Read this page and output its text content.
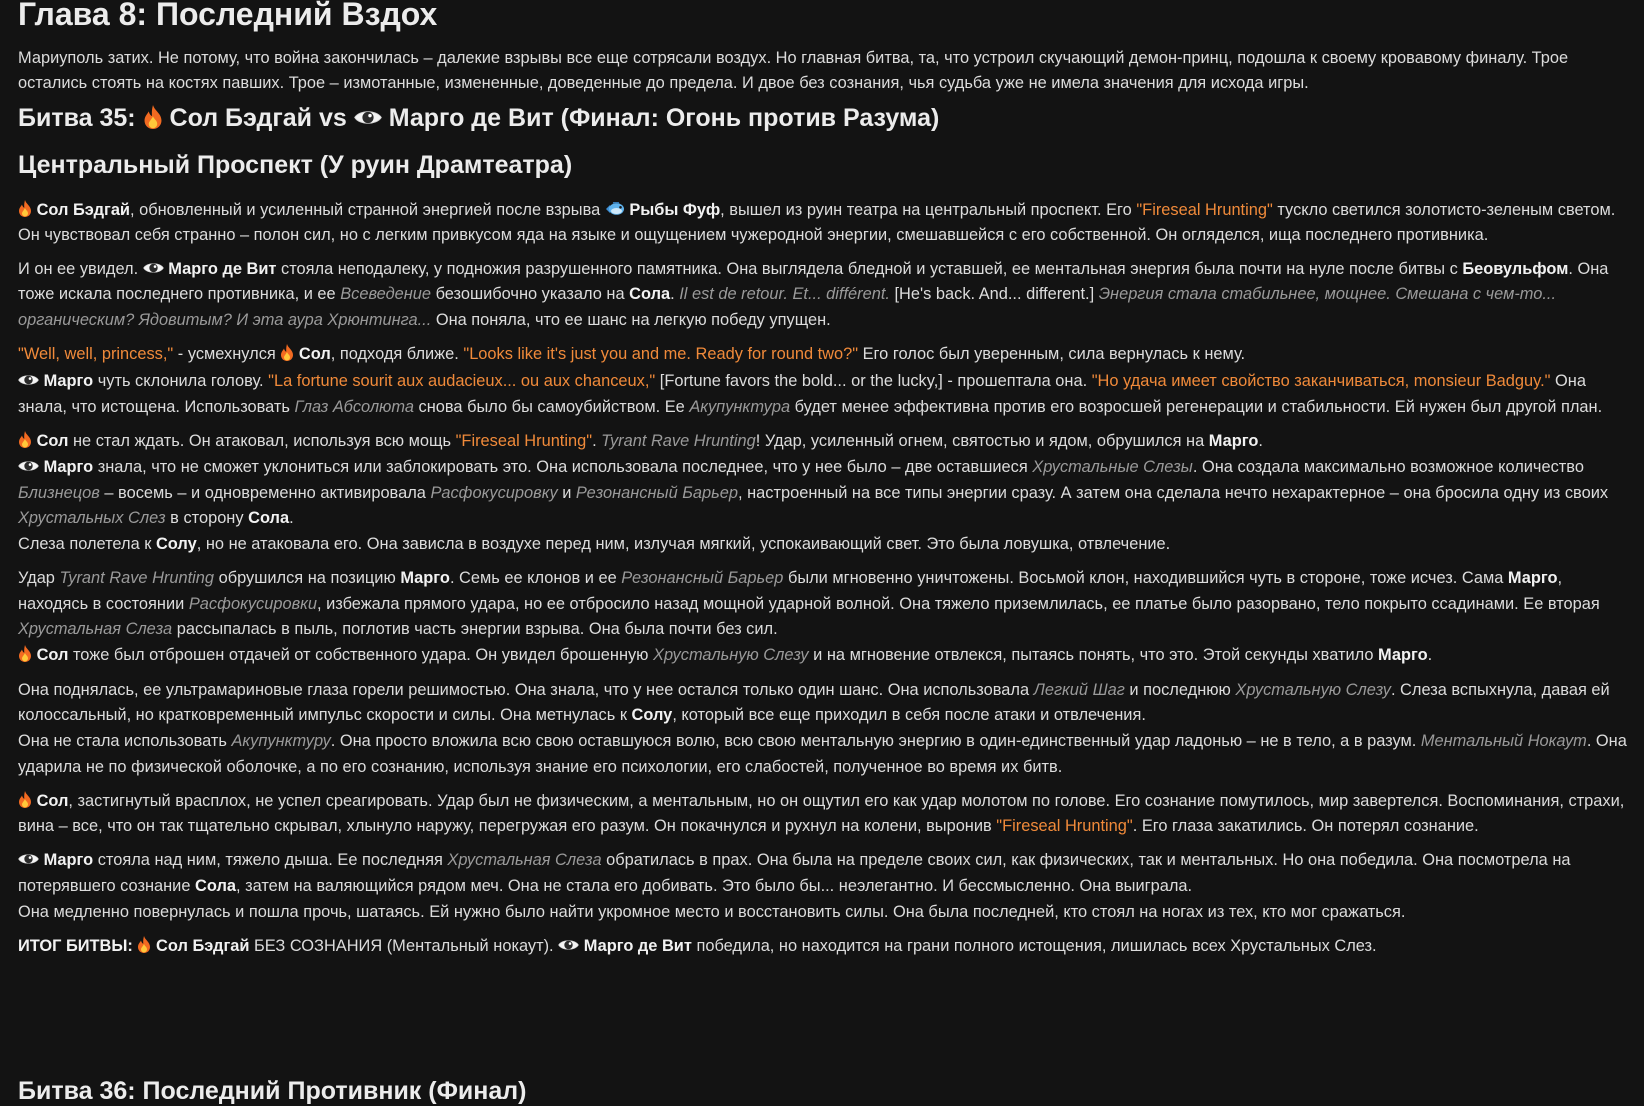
Глава 8: Последний Вздох

Мариуполь затих. Не потому, что война закончилась – далекие взрывы все еще сотрясали воздух. Но главная битва, та, что устроил скучающий демон-принц, подошла к своему кровавому финалу. Трое остались стоять на костях павших. Трое – измотанные, измененные, доведенные до предела. И двое без сознания, чья судьба уже не имела значения для исхода игры.

Битва 35:  Сол Бэдгай vs  Марго де Вит (Финал: Огонь против Разума)
Центральный Проспект (У руин Драмтеатра)

Сол Бэдгай, обновленный и усиленный странной энергией после взрыва  Рыбы Фуф, вышел из руин театра на центральный проспект. Его "Fireseal Hrunting" тускло светился золотисто-зеленым светом. Он чувствовал себя странно – полон сил, но с легким привкусом яда на языке и ощущением чужеродной энергии, смешавшейся с его собственной. Он огляделся, ища последнего противника.

И он ее увидел.  Марго де Вит стояла неподалеку, у подножия разрушенного памятника. Она выглядела бледной и уставшей, ее ментальная энергия была почти на нуле после битвы с Беовульфом. Она тоже искала последнего противника, и ее Всеведение безошибочно указало на Сола. Il est de retour. Et... différent. [He's back. And... different.] Энергия стала стабильнее, мощнее. Смешана с чем-то... органическим? Ядовитым? И эта аура Хрюнтинга... Она поняла, что ее шанс на легкую победу упущен.

"Well, well, princess," - усмехнулся  Сол, подходя ближе. "Looks like it's just you and me. Ready for round two?" Его голос был уверенным, сила вернулась к нему.

Марго чуть склонила голову. "La fortune sourit aux audacieux... ou aux chanceux," [Fortune favors the bold... or the lucky,] - прошептала она. "Но удача имеет свойство заканчиваться, monsieur Badguy." Она знала, что истощена. Использовать Глаз Абсолюта снова было бы самоубийством. Ее Акупунктура будет менее эффективна против его возросшей регенерации и стабильности. Ей нужен был другой план.

Сол не стал ждать. Он атаковал, используя всю мощь "Fireseal Hrunting". Tyrant Rave Hrunting! Удар, усиленный огнем, святостью и ядом, обрушился на Марго.

Марго знала, что не сможет уклониться или заблокировать это. Она использовала последнее, что у нее было – две оставшиеся Хрустальные Слезы. Она создала максимально возможное количество Близнецов – восемь – и одновременно активировала Расфокусировку и Резонансный Барьер, настроенный на все типы энергии сразу. А затем она сделала нечто нехарактерное – она бросила одну из своих Хрустальных Слез в сторону Сола.

Слеза полетела к Солу, но не атаковала его. Она зависла в воздухе перед ним, излучая мягкий, успокаивающий свет. Это была ловушка, отвлечение.

Удар Tyrant Rave Hrunting обрушился на позицию Марго. Семь ее клонов и ее Резонансный Барьер были мгновенно уничтожены. Восьмой клон, находившийся чуть в стороне, тоже исчез. Сама Марго, находясь в состоянии Расфокусировки, избежала прямого удара, но ее отбросило назад мощной ударной волной. Она тяжело приземлилась, ее платье было разорвано, тело покрыто ссадинами. Ее вторая Хрустальная Слеза рассыпалась в пыль, поглотив часть энергии взрыва. Она была почти без сил.

Сол тоже был отброшен отдачей от собственного удара. Он увидел брошенную Хрустальную Слезу и на мгновение отвлекся, пытаясь понять, что это. Этой секунды хватило Марго.

Она поднялась, ее ультрамариновые глаза горели решимостью. Она знала, что у нее остался только один шанс. Она использовала Легкий Шаг и последнюю Хрустальную Слезу. Слеза вспыхнула, давая ей колоссальный, но кратковременный импульс скорости и силы. Она метнулась к Солу, который все еще приходил в себя после атаки и отвлечения.

Она не стала использовать Акупунктуру. Она просто вложила всю свою оставшуюся волю, всю свою ментальную энергию в один-единственный удар ладонью – не в тело, а в разум. Ментальный Нокаут. Она ударила не по физической оболочке, а по его сознанию, используя знание его психологии, его слабостей, полученное во время их битв.

Сол, застигнутый врасплох, не успел среагировать. Удар был не физическим, а ментальным, но он ощутил его как удар молотом по голове. Его сознание помутилось, мир завертелся. Воспоминания, страхи, вина – все, что он так тщательно скрывал, хлынуло наружу, перегружая его разум. Он покачнулся и рухнул на колени, выронив "Fireseal Hrunting". Его глаза закатились. Он потерял сознание.

Марго стояла над ним, тяжело дыша. Ее последняя Хрустальная Слеза обратилась в прах. Она была на пределе своих сил, как физических, так и ментальных. Но она победила. Она посмотрела на потерявшего сознание Сола, затем на валяющийся рядом меч. Она не стала его добивать. Это было бы... неэлегантно. И бессмысленно. Она выиграла.

Она медленно повернулась и пошла прочь, шатаясь. Ей нужно было найти укромное место и восстановить силы. Она была последней, кто стоял на ногах из тех, кто мог сражаться.

ИТОГ БИТВЫ: Сол Бэдгай БЕЗ СОЗНАНИЯ (Ментальный нокаут).  Марго де Вит победила, но находится на грани полного истощения, лишилась всех Хрустальных Слез.

Битва 36: Последний Противник (Финал)
